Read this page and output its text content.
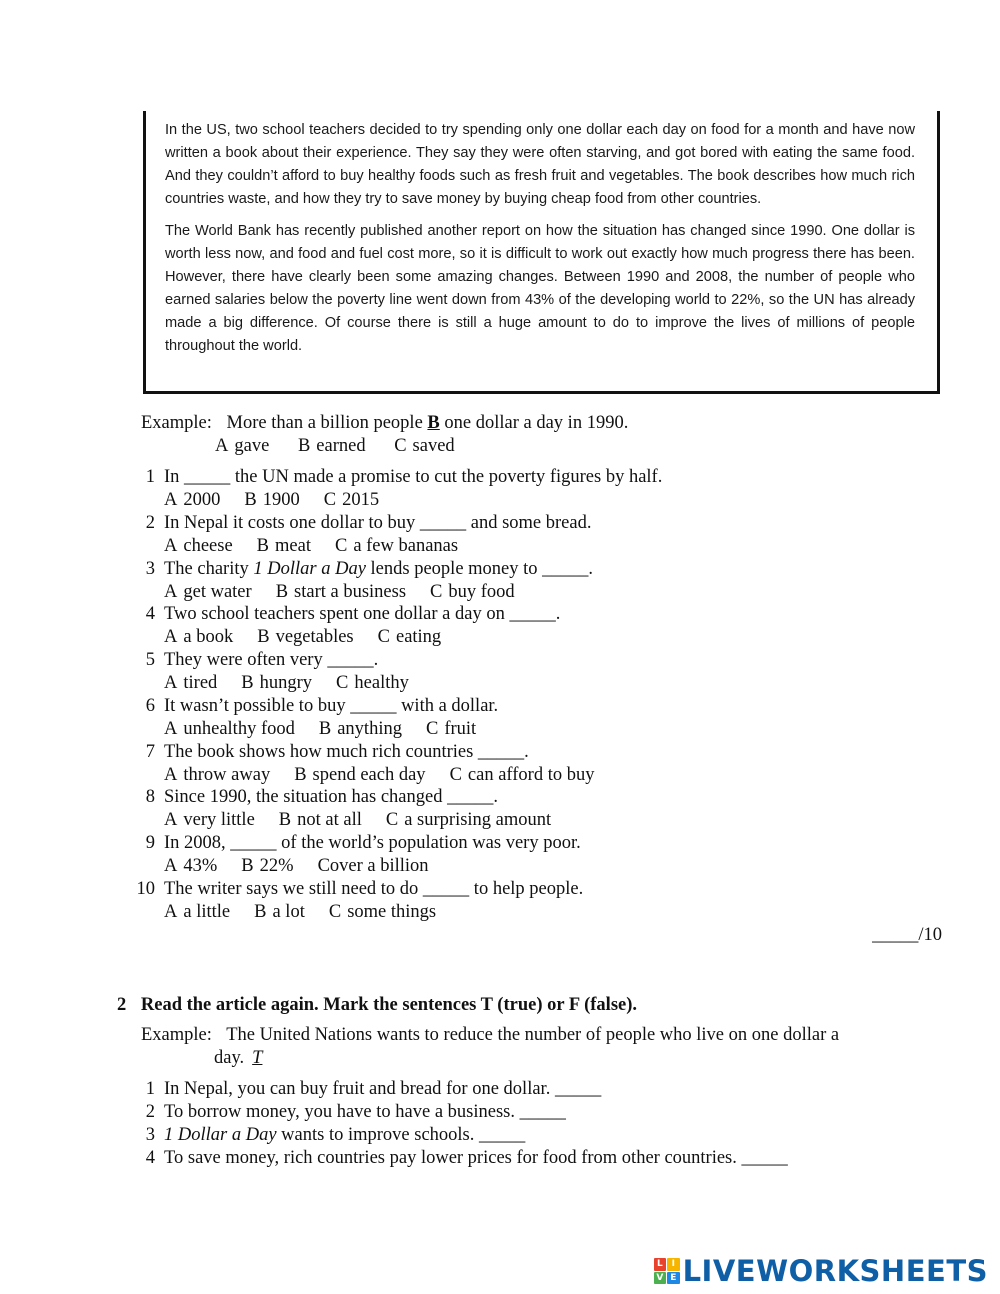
In the US, two school teachers decided to try spending only one dollar each day on food for a month and have now written a book about their experience. They say they were often starving, and got bored with eating the same food. And they couldn’t afford to buy healthy foods such as fresh fruit and vegetables. The book describes how much rich countries waste, and how they try to save money by buying cheap food from other countries.

The World Bank has recently published another report on how the situation has changed since 1990. One dollar is worth less now, and food and fuel cost more, so it is difficult to work out exactly how much progress there has been. However, there have clearly been some amazing changes. Between 1990 and 2008, the number of people who earned salaries below the poverty line went down from 43% of the developing world to 22%, so the UN has already made a big difference. Of course there is still a huge amount to do to improve the lives of millions of people throughout the world.

Example: More than a billion people B one dollar a day in 1990.
A gave B earned C saved
1 In _____ the UN made a promise to cut the poverty figures by half.
A 2000 B 1900 C 2015
2 In Nepal it costs one dollar to buy _____ and some bread.
A cheese B meat C a few bananas
3 The charity 1 Dollar a Day lends people money to _____.
A get water B start a business C buy food
4 Two school teachers spent one dollar a day on _____.
A a book B vegetables C eating
5 They were often very _____.
A tired B hungry C healthy
6 It wasn’t possible to buy _____ with a dollar.
A unhealthy food B anything C fruit
7 The book shows how much rich countries _____.
A throw away B spend each day C can afford to buy
8 Since 1990, the situation has changed _____.
A very little B not at all C a surprising amount
9 In 2008, _____ of the world’s population was very poor.
A 43% B 22% Cover a billion
10 The writer says we still need to do _____ to help people.
A a little B a lot C some things
_____/10
2 Read the article again. Mark the sentences T (true) or F (false).
Example: The United Nations wants to reduce the number of people who live on one dollar a
day. T
1 In Nepal, you can buy fruit and bread for one dollar. _____
2 To borrow money, you have to have a business. _____
3 1 Dollar a Day wants to improve schools. _____
4 To save money, rich countries pay lower prices for food from other countries. _____
L I
V E LIVEWORKSHEETS
